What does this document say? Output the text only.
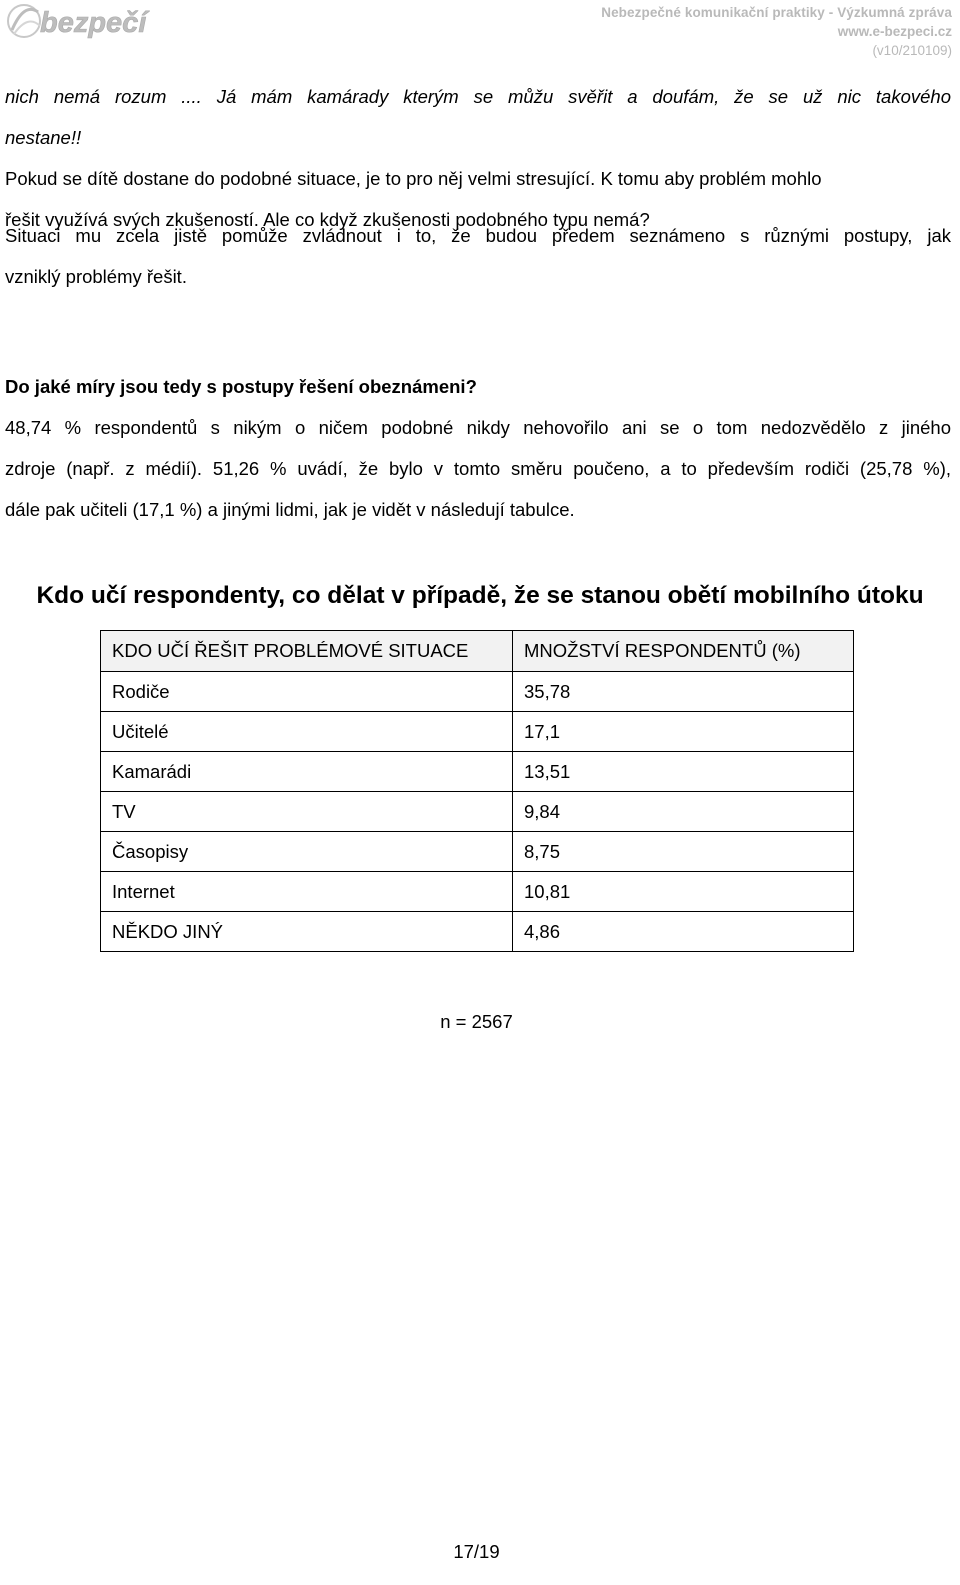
bezpečí	Nebezpečné komunikační praktiky - Výzkumná zpráva
www.e-bezpeci.cz
(v10/210109)
nich nemá rozum .... Já mám kamárady kterým se můžu svěřit a doufám, že se už nic takového
nestane!!
Pokud se dítě dostane do podobné situace, je to pro něj velmi stresující. K tomu aby problém mohlo
řešit využívá svých zkušeností. Ale co když zkušenosti podobného typu nemá?
Situaci mu zcela jistě pomůže zvládnout i to, že budou předem seznámeno s různými postupy, jak
vzniklý problémy řešit.
Do jaké míry jsou tedy s postupy řešení obeznámeni?
48,74 % respondentů s nikým o ničem podobné nikdy nehovořilo ani se o tom nedozvědělo z jiného
zdroje (např. z médií). 51,26 % uvádí, že bylo v tomto směru poučeno, a to především rodiči (25,78 %),
dále pak učiteli (17,1 %) a jinými lidmi, jak je vidět v následují tabulce.
Kdo učí respondenty, co dělat v případě, že se stanou obětí mobilního útoku
KDO UČÍ ŘEŠIT PROBLÉMOVÉ SITUACE	MNOŽSTVÍ RESPONDENTŮ (%)
Rodiče	35,78
Učitelé	17,1
Kamarádi	13,51
TV	9,84
Časopisy	8,75
Internet	10,81
NĚKDO JINÝ	4,86
n = 2567
17/19
